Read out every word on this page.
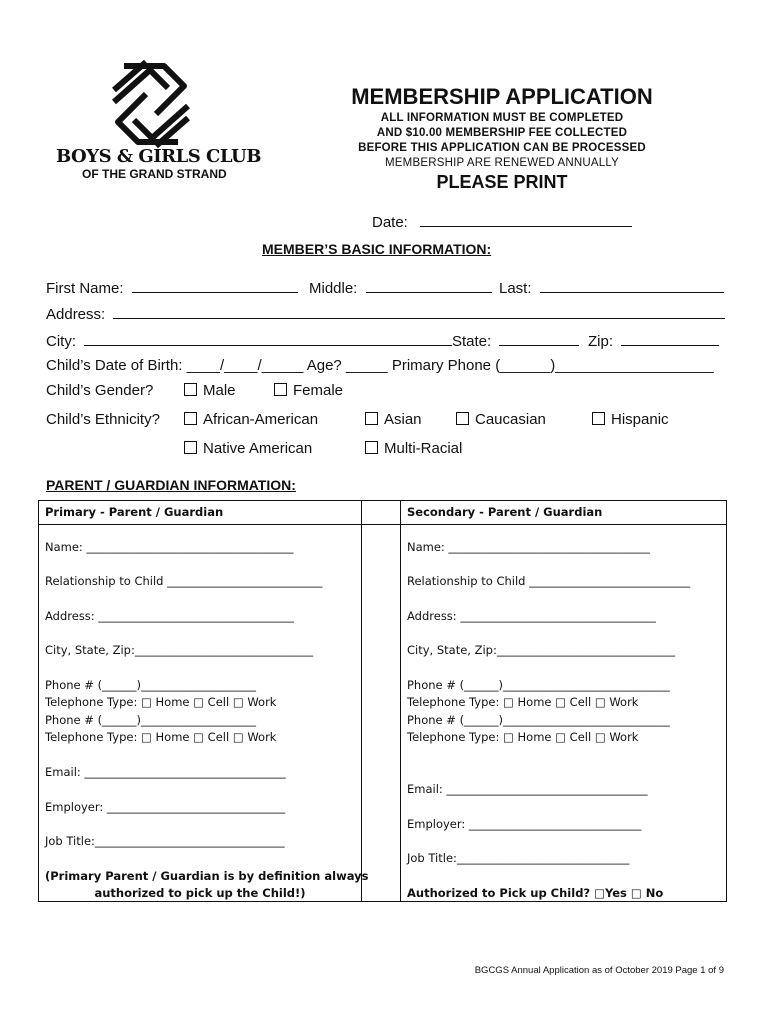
BOYS & GIRLS CLUB
OF THE GRAND STRAND
MEMBERSHIP APPLICATION
ALL INFORMATION MUST BE COMPLETED
AND $10.00 MEMBERSHIP FEE COLLECTED
BEFORE THIS APPLICATION CAN BE PROCESSED
MEMBERSHIP ARE RENEWED ANNUALLY
PLEASE PRINT
Date:
MEMBER’S BASIC INFORMATION:
First Name:	Middle:	Last:
Address:
City:	State:	Zip:
Child’s Date of Birth: ____/____/_____ Age? _____ Primary Phone (______)___________________
Child’s Gender?	Male	Female
Child’s Ethnicity?	African-American	Asian	Caucasian	Hispanic
Native American	Multi-Racial
PARENT / GUARDIAN INFORMATION:
Primary - Parent / Guardian
Name: ____________________________________
Relationship to Child ___________________________
Address: __________________________________
City, State, Zip:_______________________________
Phone # (______)____________________
Telephone Type: □ Home □ Cell □ Work
Phone # (______)____________________
Telephone Type: □ Home □ Cell □ Work
Email: ___________________________________
Employer: _______________________________
Job Title:_________________________________
(Primary Parent / Guardian is by definition always
authorized to pick up the Child!)
Secondary - Parent / Guardian
Name: ___________________________________
Relationship to Child ____________________________
Address: __________________________________
City, State, Zip:_______________________________
Phone # (______)_____________________________
Telephone Type: □ Home □ Cell □ Work
Phone # (______)_____________________________
Telephone Type: □ Home □ Cell □ Work
Email: ___________________________________
Employer: ______________________________
Job Title:______________________________
Authorized to Pick up Child? □Yes □ No
BGCGS Annual Application as of October 2019 Page 1 of 9
